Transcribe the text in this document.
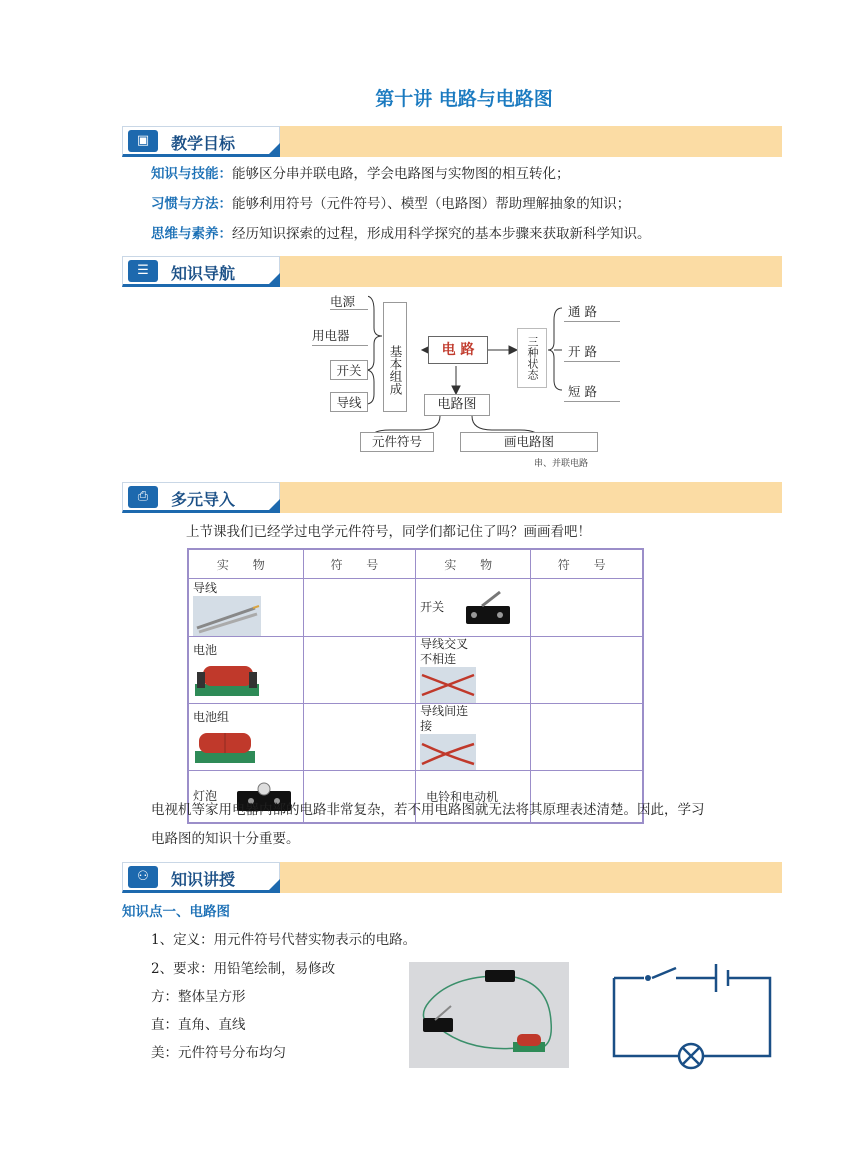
第十讲 电路与电路图
▣	教学目标
知识与技能：能够区分串并联电路，学会电路图与实物图的相互转化；
习惯与方法：能够利用符号（元件符号）、模型（电路图）帮助理解抽象的知识；
思维与素养：经历知识探索的过程，形成用科学探究的基本步骤来获取新科学知识。
☰	知识导航
电源
用电器
开关
导线
基本组成	电 路	三种状态
通 路
开 路
短 路
电路图
元件符号	画电路图
串、并联电路
⎙	多元导入
上节课我们已经学过电学元件符号，同学们都记住了吗？画画看吧！
实 物	符 号	实 物	符 号
导线		开关	
电池		导线交叉不相连	
电池组		导线间连接	
灯泡		电铃和电动机	
电视机等家用电器内部的电路非常复杂，若不用电路图就无法将其原理表述清楚。因此，学习
电路图的知识十分重要。
⚇	知识讲授
知识点一、电路图
1、定义：用元件符号代替实物表示的电路。
2、要求：用铅笔绘制，易修改
方：整体呈方形
直：直角、直线
美：元件符号分布均匀
